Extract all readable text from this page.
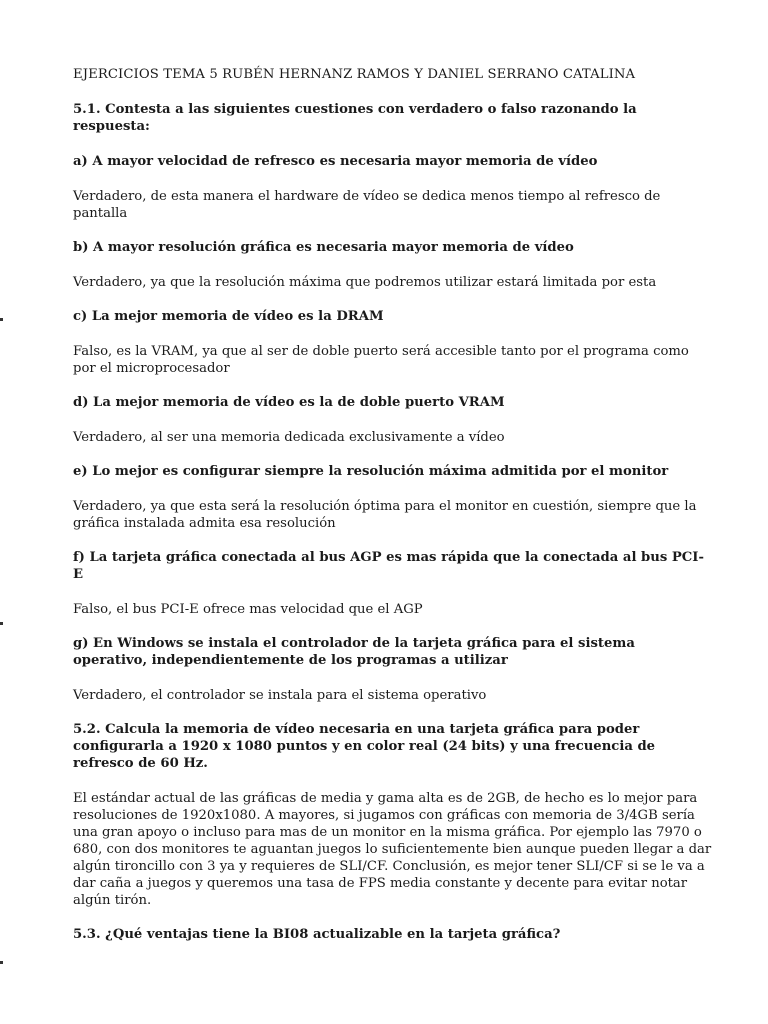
EJERCICIOS TEMA 5 RUBÉN HERNANZ RAMOS Y DANIEL SERRANO CATALINA

5.1. Contesta a las siguientes cuestiones con verdadero o falso razonando la respuesta:

a) A mayor velocidad de refresco es necesaria mayor memoria de vídeo

Verdadero, de esta manera el hardware de vídeo se dedica menos tiempo al refresco de pantalla

b) A mayor resolución gráfica es necesaria mayor memoria de vídeo

Verdadero, ya que la resolución máxima que podremos utilizar estará limitada por esta

c) La mejor memoria de vídeo es la DRAM

Falso, es la VRAM, ya que al ser de doble puerto será accesible tanto por el programa como por el microprocesador

d) La mejor memoria de vídeo es la de doble puerto VRAM

Verdadero, al ser una memoria dedicada exclusivamente a vídeo

e) Lo mejor es configurar siempre la resolución máxima admitida por el monitor

Verdadero, ya que esta será la resolución óptima para el monitor en cuestión, siempre que la gráfica instalada admita esa resolución

f) La tarjeta gráfica conectada al bus AGP es mas rápida que la conectada al bus PCI-E

Falso, el bus PCI-E ofrece mas velocidad que el AGP

g) En Windows se instala el controlador de la tarjeta gráfica para el sistema operativo, independientemente de los programas a utilizar

Verdadero, el controlador se instala para el sistema operativo

5.2. Calcula la memoria de vídeo necesaria en una tarjeta gráfica para poder configurarla a 1920 x 1080 puntos y en color real (24 bits) y una frecuencia de refresco de 60 Hz.

El estándar actual de las gráficas de media y gama alta es de 2GB, de hecho es lo mejor para resoluciones de 1920x1080. A mayores, si jugamos con gráficas con memoria de 3/4GB sería una gran apoyo o incluso para mas de un monitor en la misma gráfica. Por ejemplo las 7970 o 680, con dos monitores te aguantan juegos lo suficientemente bien aunque pueden llegar a dar algún tironcillo con 3 ya y requieres de SLI/CF. Conclusión, es mejor tener SLI/CF si se le va a dar caña a juegos y queremos una tasa de FPS media constante y decente para evitar notar algún tirón.

5.3. ¿Qué ventajas tiene la BI08 actualizable en la tarjeta gráfica?
